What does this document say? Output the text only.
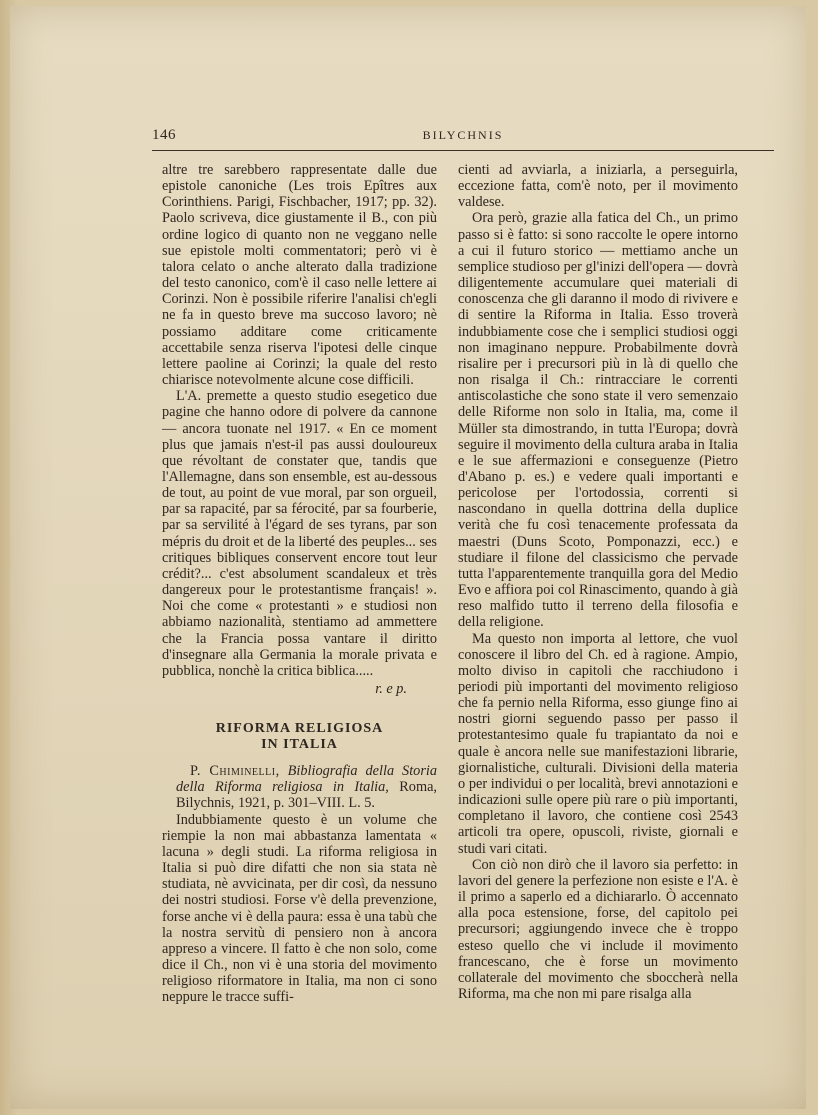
146	BILYCHNIS

altre tre sarebbero rappresentate dalle due epistole canoniche (Les trois Epîtres aux Corinthiens. Parigi, Fischbacher, 1917; pp. 32). Paolo scriveva, dice giustamente il B., con più ordine logico di quanto non ne veggano nelle sue epistole molti commentatori; però vi è talora celato o anche alterato dalla tradizione del testo canonico, com'è il caso nelle lettere ai Corinzi. Non è possibile riferire l'analisi ch'egli ne fa in questo breve ma succoso lavoro; nè possiamo additare come criticamente accettabile senza riserva l'ipotesi delle cinque lettere paoline ai Corinzi; la quale del resto chiarisce notevolmente alcune cose difficili.

L'A. premette a questo studio esegetico due pagine che hanno odore di polvere da cannone — ancora tuonate nel 1917. « En ce moment plus que jamais n'est-il pas aussi douloureux que révoltant de constater que, tandis que l'Allemagne, dans son ensemble, est au-dessous de tout, au point de vue moral, par son orgueil, par sa rapacité, par sa férocité, par sa fourberie, par sa servilité à l'égard de ses tyrans, par son mépris du droit et de la liberté des peuples... ses critiques bibliques conservent encore tout leur crédit?... c'est absolument scandaleux et très dangereux pour le protestantisme français! ». Noi che come « protestanti » e studiosi non abbiamo nazionalità, stentiamo ad ammettere che la Francia possa vantare il diritto d'insegnare alla Germania la morale privata e pubblica, nonchè la critica biblica.....

r. e p.
RIFORMA RELIGIOSA
IN ITALIA

P. Chiminelli, Bibliografia della Storia della Riforma religiosa in Italia, Roma, Bilychnis, 1921, p. 301–VIII. L. 5.

Indubbiamente questo è un volume che riempie la non mai abbastanza lamentata « lacuna » degli studi. La riforma religiosa in Italia si può dire difatti che non sia stata nè studiata, nè avvicinata, per dir così, da nessuno dei nostri studiosi. Forse v'è della prevenzione, forse anche vi è della paura: essa è una tabù che la nostra servitù di pensiero non à ancora appreso a vincere. Il fatto è che non solo, come dice il Ch., non vi è una storia del movimento religioso riformatore in Italia, ma non ci sono neppure le tracce suffi-

cienti ad avviarla, a iniziarla, a perseguirla, eccezione fatta, com'è noto, per il movimento valdese.

Ora però, grazie alla fatica del Ch., un primo passo si è fatto: si sono raccolte le opere intorno a cui il futuro storico — mettiamo anche un semplice studioso per gl'inizi dell'opera — dovrà diligentemente accumulare quei materiali di conoscenza che gli daranno il modo di rivivere e di sentire la Riforma in Italia. Esso troverà indubbiamente cose che i semplici studiosi oggi non imaginano neppure. Probabilmente dovrà risalire per i precursori più in là di quello che non risalga il Ch.: rintracciare le correnti antiscolastiche che sono state il vero semenzaio delle Riforme non solo in Italia, ma, come il Müller sta dimostrando, in tutta l'Europa; dovrà seguire il movimento della cultura araba in Italia e le sue affermazioni e conseguenze (Pietro d'Abano p. es.) e vedere quali importanti e pericolose per l'ortodossia, correnti si nascondano in quella dottrina della duplice verità che fu così tenacemente professata da maestri (Duns Scoto, Pomponazzi, ecc.) e studiare il filone del classicismo che pervade tutta l'apparentemente tranquilla gora del Medio Evo e affiora poi col Rinascimento, quando à già reso malfido tutto il terreno della filosofia e della religione.

Ma questo non importa al lettore, che vuol conoscere il libro del Ch. ed à ragione. Ampio, molto diviso in capitoli che racchiudono i periodi più importanti del movimento religioso che fa pernio nella Riforma, esso giunge fino ai nostri giorni seguendo passo per passo il protestantesimo quale fu trapiantato da noi e quale è ancora nelle sue manifestazioni librarie, giornalistiche, culturali. Divisioni della materia o per individui o per località, brevi annotazioni e indicazioni sulle opere più rare o più importanti, completano il lavoro, che contiene così 2543 articoli tra opere, opuscoli, riviste, giornali e studi vari citati.

Con ciò non dirò che il lavoro sia perfetto: in lavori del genere la perfezione non esiste e l'A. è il primo a saperlo ed a dichiararlo. Ò accennato alla poca estensione, forse, del capitolo pei precursori; aggiungendo invece che è troppo esteso quello che vi include il movimento francescano, che è forse un movimento collaterale del movimento che sboccherà nella Riforma, ma che non mi pare risalga alla
